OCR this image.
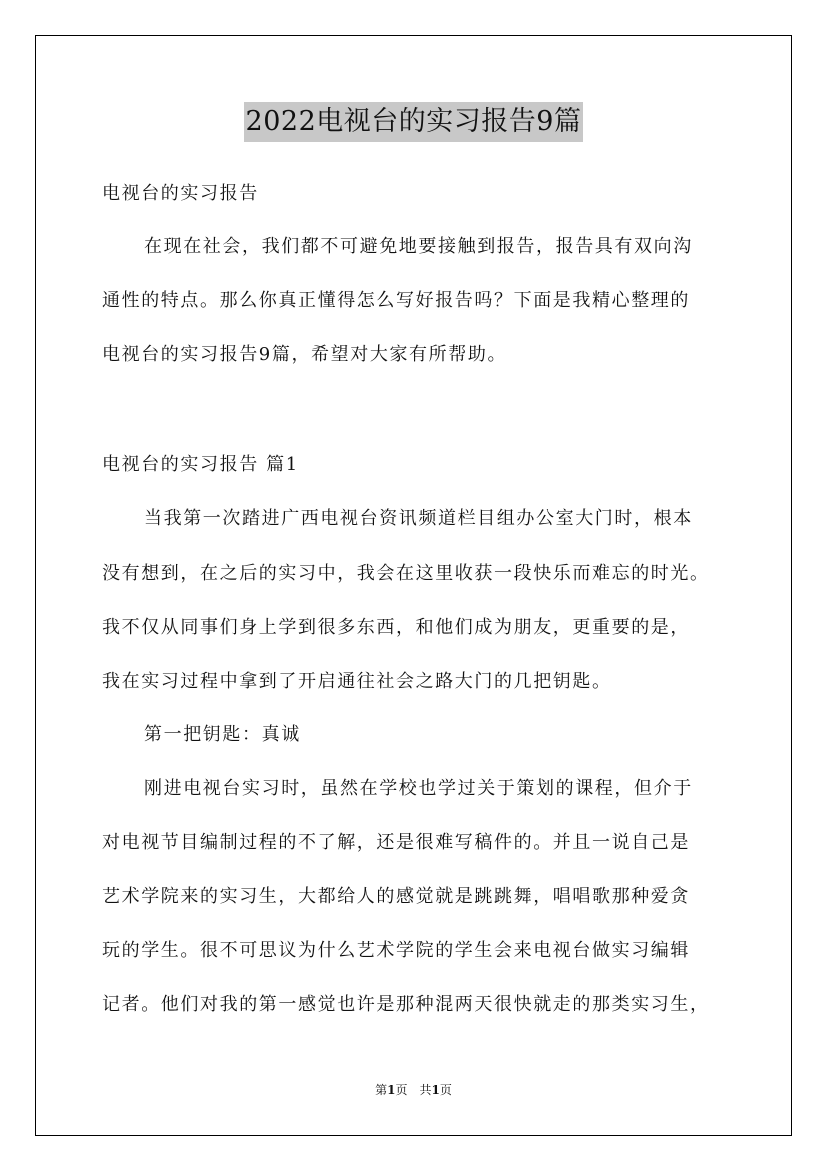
2022电视台的实习报告9篇

电视台的实习报告

在现在社会，我们都不可避免地要接触到报告，报告具有双向沟

通性的特点。那么你真正懂得怎么写好报告吗？下面是我精心整理的

电视台的实习报告9篇，希望对大家有所帮助。

电视台的实习报告 篇1

当我第一次踏进广西电视台资讯频道栏目组办公室大门时，根本

没有想到，在之后的实习中，我会在这里收获一段快乐而难忘的时光。

我不仅从同事们身上学到很多东西，和他们成为朋友，更重要的是，

我在实习过程中拿到了开启通往社会之路大门的几把钥匙。

第一把钥匙：真诚

刚进电视台实习时，虽然在学校也学过关于策划的课程，但介于

对电视节目编制过程的不了解，还是很难写稿件的。并且一说自己是

艺术学院来的实习生，大都给人的感觉就是跳跳舞，唱唱歌那种爱贪

玩的学生。很不可思议为什么艺术学院的学生会来电视台做实习编辑

记者。他们对我的第一感觉也许是那种混两天很快就走的那类实习生，

第1页　共1页
